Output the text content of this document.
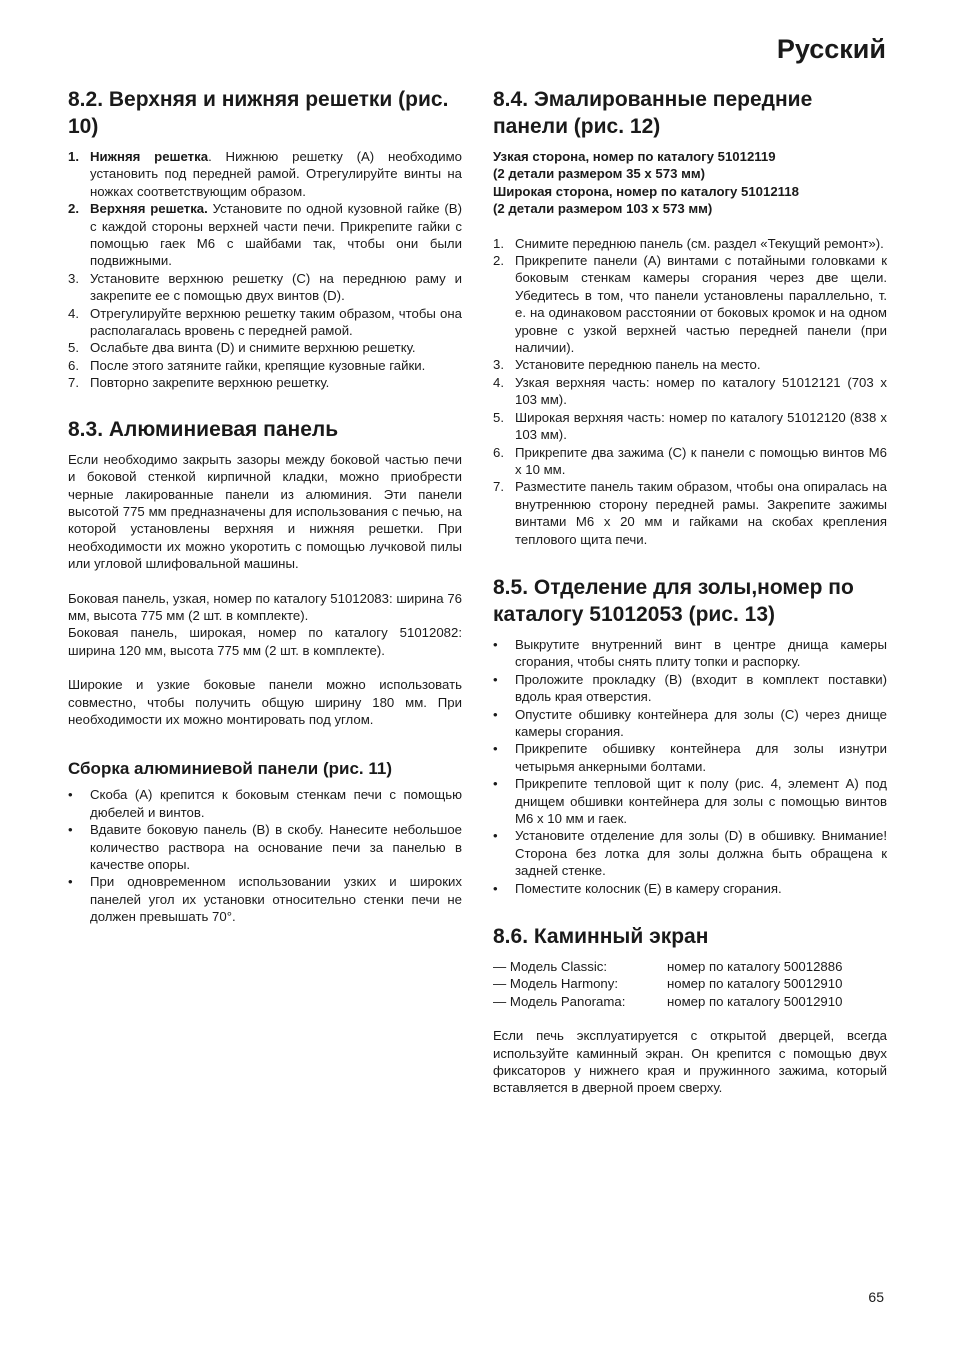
Русский
8.2. Верхняя и нижняя решетки (рис. 10)
1. Нижняя решетка. Нижнюю решетку (A) необходимо установить под передней рамой. Отрегулируйте винты на ножках соответствующим образом.
2. Верхняя решетка. Установите по одной кузовной гайке (B) с каждой стороны верхней части печи. Прикрепите гайки с помощью гаек M6 с шайбами так, чтобы они были подвижными.
3. Установите верхнюю решетку (C) на переднюю раму и закрепите ее с помощью двух винтов (D).
4. Отрегулируйте верхнюю решетку таким образом, чтобы она располагалась вровень с передней рамой.
5. Ослабьте два винта (D) и снимите верхнюю решетку.
6. После этого затяните гайки, крепящие кузовные гайки.
7. Повторно закрепите верхнюю решетку.
8.3. Алюминиевая панель

Если необходимо закрыть зазоры между боковой частью печи и боковой стенкой кирпичной кладки, можно приобрести черные лакированные панели из алюминия. Эти панели высотой 775 мм предназначены для использования с печью, на которой установлены верхняя и нижняя решетки. При необходимости их можно укоротить с помощью лучковой пилы или угловой шлифовальной машины.

Боковая панель, узкая, номер по каталогу 51012083: ширина 76 мм, высота 775 мм (2 шт. в комплекте).

Боковая панель, широкая, номер по каталогу 51012082: ширина 120 мм, высота 775 мм (2 шт. в комплекте).

Широкие и узкие боковые панели можно использовать совместно, чтобы получить общую ширину 180 мм. При необходимости их можно монтировать под углом.

Сборка алюминиевой панели (рис. 11)
• Скоба (A) крепится к боковым стенкам печи с помощью дюбелей и винтов.
• Вдавите боковую панель (B) в скобу. Нанесите небольшое количество раствора на основание печи за панелью в качестве опоры.
• При одновременном использовании узких и широких панелей угол их установки относительно стенки печи не должен превышать 70°.
8.4. Эмалированные передние панели (рис. 12)

Узкая сторона, номер по каталогу 51012119

(2 детали размером 35 x 573 мм)

Широкая сторона, номер по каталогу 51012118

(2 детали размером 103 x 573 мм)

1. Снимите переднюю панель (см. раздел «Текущий ремонт»).
2. Прикрепите панели (A) винтами с потайными головками к боковым стенкам камеры сгорания через две щели. Убедитесь в том, что панели установлены параллельно, т. е. на одинаковом расстоянии от боковых кромок и на одном уровне с узкой верхней частью передней панели (при наличии).
3. Установите переднюю панель на место.
4. Узкая верхняя часть: номер по каталогу 51012121 (703 x 103 мм).
5. Широкая верхняя часть: номер по каталогу 51012120 (838 x 103 мм).
6. Прикрепите два зажима (C) к панели с помощью винтов M6 x 10 мм.
7. Разместите панель таким образом, чтобы она опиралась на внутреннюю сторону передней рамы. Закрепите зажимы винтами M6 x 20 мм и гайками на скобах крепления теплового щита печи.
8.5. Отделение для золы,номер по каталогу 51012053 (рис. 13)
• Выкрутите внутренний винт в центре днища камеры сгорания, чтобы снять плиту топки и распорку.
• Проложите прокладку (B) (входит в комплект поставки) вдоль края отверстия.
• Опустите обшивку контейнера для золы (C) через днище камеры сгорания.
• Прикрепите обшивку контейнера для золы изнутри четырьмя анкерными болтами.
• Прикрепите тепловой щит к полу (рис. 4, элемент A) под днищем обшивки контейнера для золы с помощью винтов M6 x 10 мм и гаек.
• Установите отделение для золы (D) в обшивку. Внимание! Сторона без лотка для золы должна быть обращена к задней стенке.
• Поместите колосник (E) в камеру сгорания.
8.6. Каминный экран
— Модель Classic:	номер по каталогу 50012886
— Модель Harmony:	номер по каталогу 50012910
— Модель Panorama:	номер по каталогу 50012910

Если печь эксплуатируется с открытой дверцей, всегда используйте каминный экран. Он крепится с помощью двух фиксаторов у нижнего края и пружинного зажима, который вставляется в дверной проем сверху.

65
